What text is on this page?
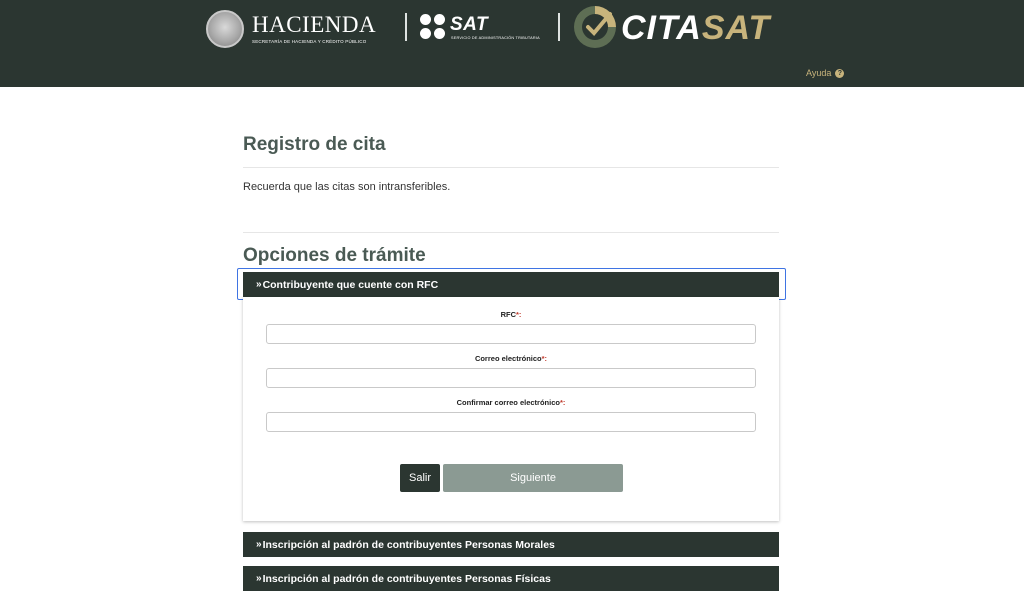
HACIENDA
SECRETARÍA DE HACIENDA Y CRÉDITO PÚBLICO
SAT
SERVICIO DE ADMINISTRACIÓN TRIBUTARIA CITASAT
Ayuda ?
Registro de cita

Recuerda que las citas son intransferibles.

Opciones de trámite
» Contribuyente que cuente con RFC
RFC*:
Correo electrónico*:
Confirmar correo electrónico*:
Salir	Siguiente
» Inscripción al padrón de contribuyentes Personas Morales
» Inscripción al padrón de contribuyentes Personas Físicas
